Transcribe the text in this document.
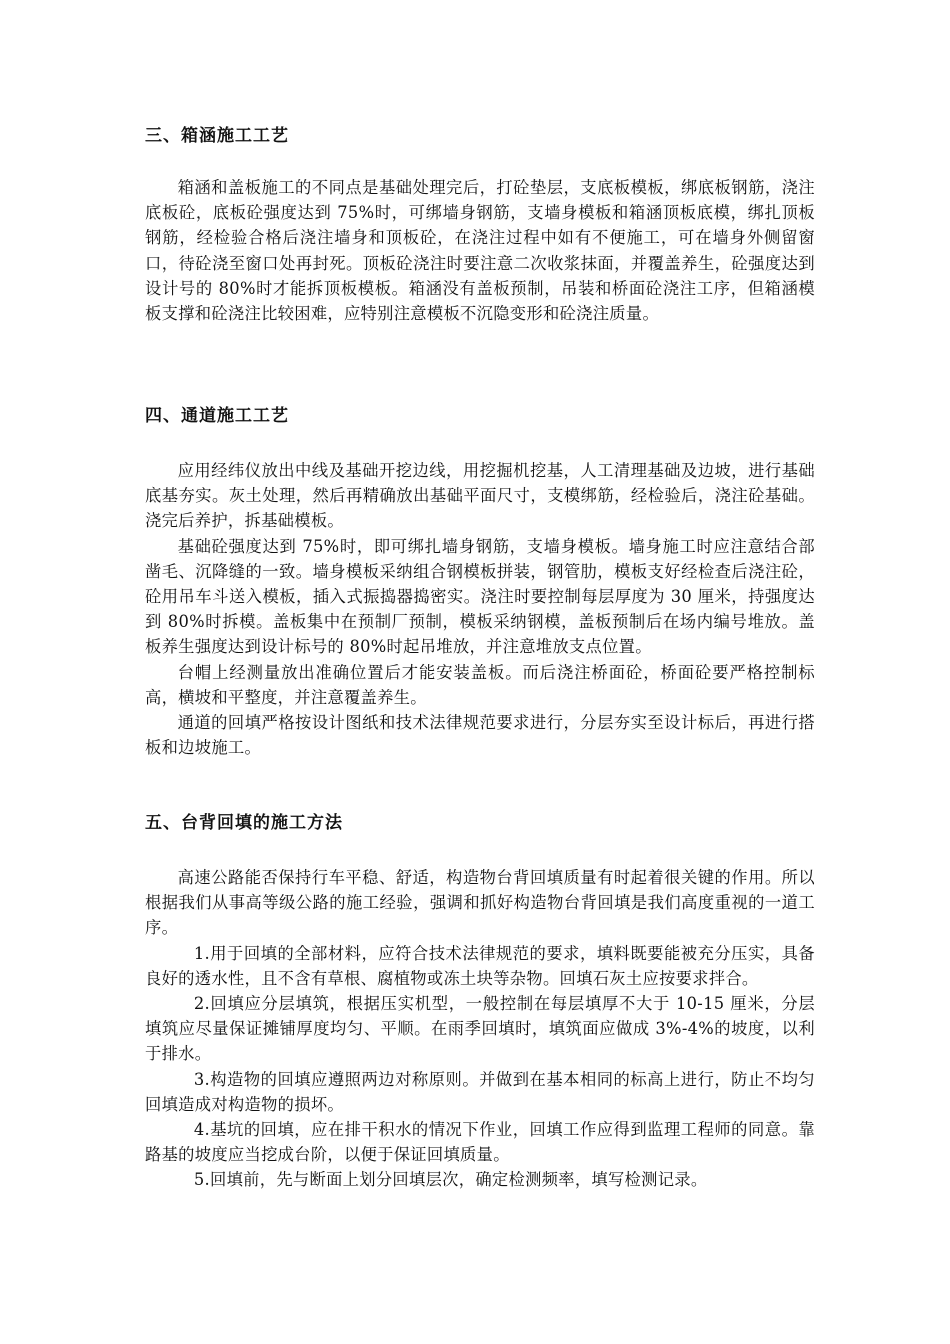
三、箱涵施工工艺

箱涵和盖板施工的不同点是基础处理完后，打砼垫层，支底板模板，绑底板钢筋，浇注底板砼，底板砼强度达到 75%时，可绑墙身钢筋，支墙身模板和箱涵顶板底模，绑扎顶板钢筋，经检验合格后浇注墙身和顶板砼，在浇注过程中如有不便施工，可在墙身外侧留窗口，待砼浇至窗口处再封死。顶板砼浇注时要注意二次收浆抹面，并覆盖养生，砼强度达到设计号的 80%时才能拆顶板模板。箱涵没有盖板预制，吊装和桥面砼浇注工序，但箱涵模板支撑和砼浇注比较困难，应特别注意模板不沉隐变形和砼浇注质量。

四、通道施工工艺

应用经纬仪放出中线及基础开挖边线，用挖掘机挖基，人工清理基础及边坡，进行基础底基夯实。灰土处理，然后再精确放出基础平面尺寸，支模绑筋，经检验后，浇注砼基础。浇完后养护，拆基础模板。

基础砼强度达到 75%时，即可绑扎墙身钢筋，支墙身模板。墙身施工时应注意结合部凿毛、沉降缝的一致。墙身模板采纳组合钢模板拼装，钢管肋，模板支好经检查后浇注砼，砼用吊车斗送入模板，插入式振捣器捣密实。浇注时要控制每层厚度为 30 厘米，持强度达到 80%时拆模。盖板集中在预制厂预制，模板采纳钢模，盖板预制后在场内编号堆放。盖板养生强度达到设计标号的 80%时起吊堆放，并注意堆放支点位置。

台帽上经测量放出准确位置后才能安装盖板。而后浇注桥面砼，桥面砼要严格控制标高，横坡和平整度，并注意覆盖养生。

通道的回填严格按设计图纸和技术法律规范要求进行，分层夯实至设计标后，再进行搭板和边坡施工。

五、台背回填的施工方法

高速公路能否保持行车平稳、舒适，构造物台背回填质量有时起着很关键的作用。所以根据我们从事高等级公路的施工经验，强调和抓好构造物台背回填是我们高度重视的一道工序。

1.用于回填的全部材料，应符合技术法律规范的要求，填料既要能被充分压实，具备良好的透水性，且不含有草根、腐植物或冻土块等杂物。回填石灰土应按要求拌合。

2.回填应分层填筑，根据压实机型，一般控制在每层填厚不大于 10-15 厘米，分层填筑应尽量保证摊铺厚度均匀、平顺。在雨季回填时，填筑面应做成 3%-4%的坡度，以利于排水。

3.构造物的回填应遵照两边对称原则。并做到在基本相同的标高上进行，防止不均匀回填造成对构造物的损坏。

4.基坑的回填，应在排干积水的情况下作业，回填工作应得到监理工程师的同意。靠路基的坡度应当挖成台阶，以便于保证回填质量。

5.回填前，先与断面上划分回填层次，确定检测频率，填写检测记录。
